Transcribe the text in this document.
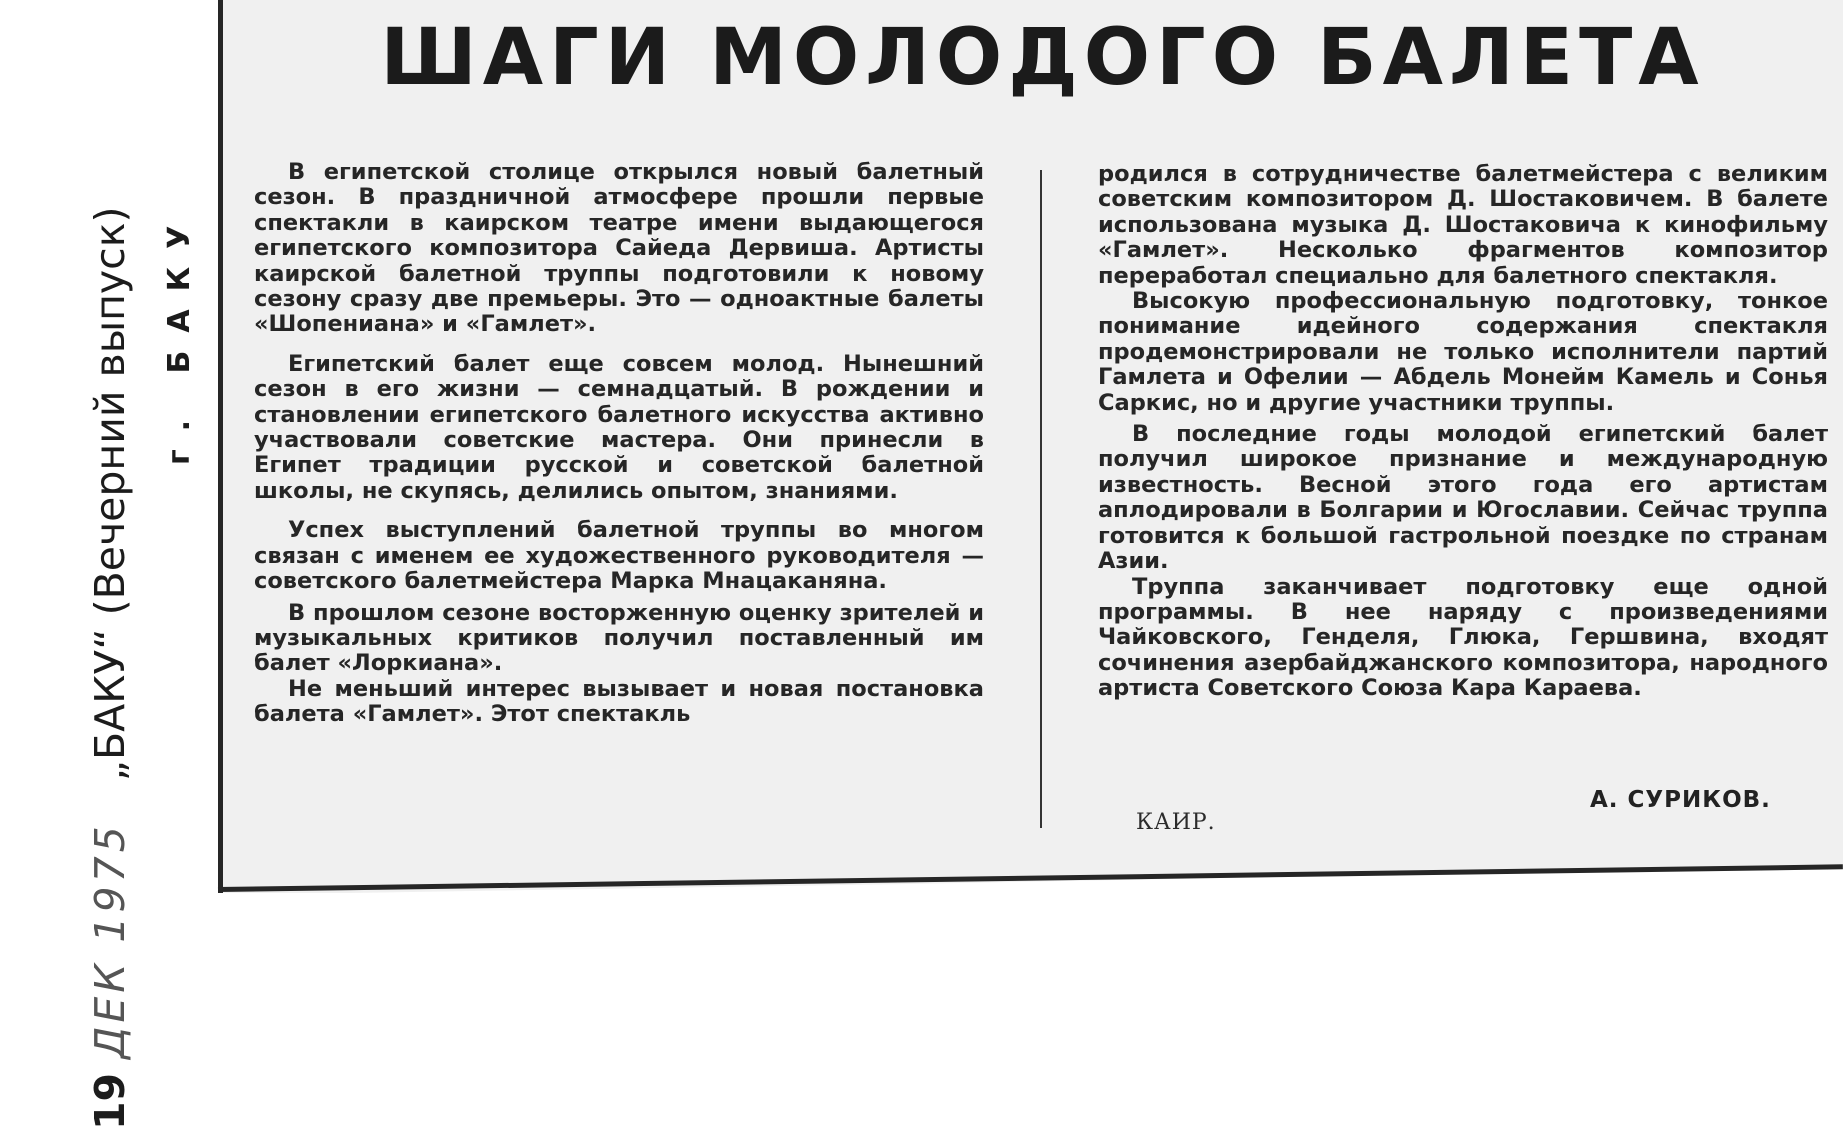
19 ДЕК 1975 „БАКУ“ (Вечерний выпуск) г. БАКУ
ШАГИ МОЛОДОГО БАЛЕТА

В египетской столице открылся новый балетный сезон. В праздничной атмосфере прошли первые спектакли в каирском театре имени выдающегося египетского композитора Сайеда Дервиша. Артисты каирской балетной труппы подготовили к новому сезону сразу две премьеры. Это — одноактные балеты «Шопениана» и «Гамлет».

Египетский балет еще совсем молод. Нынешний сезон в его жизни — семнадцатый. В рождении и становлении египетского балетного искусства активно участвовали советские мастера. Они принесли в Египет традиции русской и советской балетной школы, не скупясь, делились опытом, знаниями.

Успех выступлений балетной труппы во многом связан с именем ее художественного руководителя — советского балетмейстера Марка Мнацаканяна.

В прошлом сезоне восторженную оценку зрителей и музыкальных критиков получил поставленный им балет «Лоркиана».

Не меньший интерес вызывает и новая постановка балета «Гамлет». Этот спектакль

родился в сотрудничестве балетмейстера с великим советским композитором Д. Шостаковичем. В балете использована музыка Д. Шостаковича к кинофильму «Гамлет». Несколько фрагментов композитор переработал специально для балетного спектакля.

Высокую профессиональную подготовку, тонкое понимание идейного содержания спектакля продемонстрировали не только исполнители партий Гамлета и Офелии — Абдель Монейм Камель и Сонья Саркис, но и другие участники труппы.

В последние годы молодой египетский балет получил широкое признание и международную известность. Весной этого года его артистам аплодировали в Болгарии и Югославии. Сейчас труппа готовится к большой гастрольной поездке по странам Азии.

Труппа заканчивает подготовку еще одной программы. В нее наряду с произведениями Чайковского, Генделя, Глюка, Гершвина, входят сочинения азербайджанского композитора, народного артиста Советского Союза Кара Караева.

А. СУРИКОВ.
КАИР.
